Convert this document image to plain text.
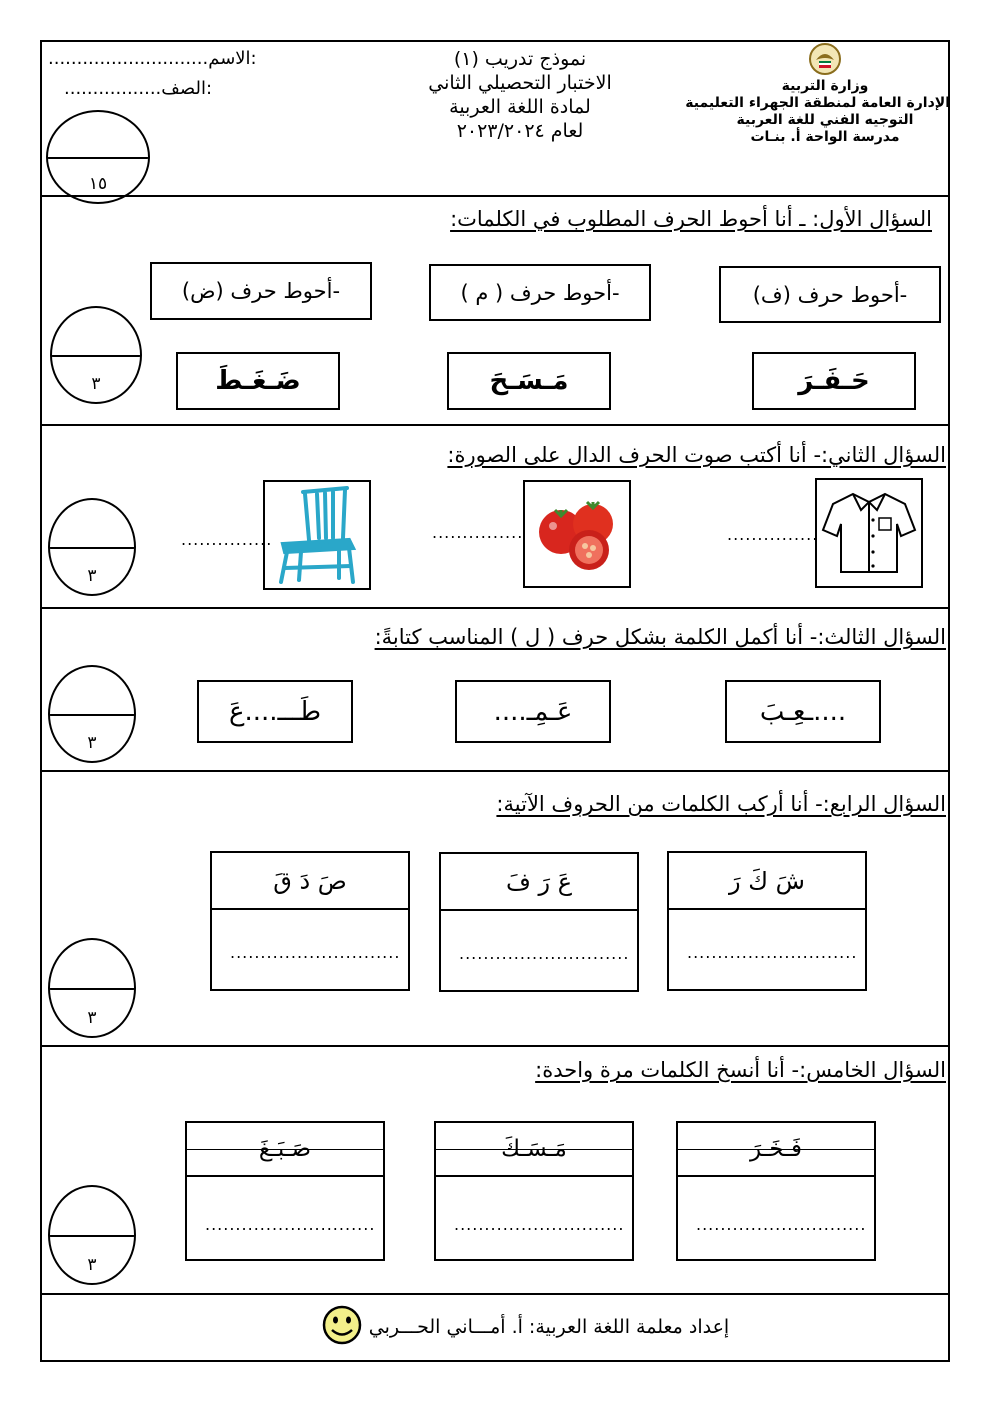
............................الاسم:
.................الصف:
١٥
نموذج تدريب (١)
الاختبار التحصيلي الثاني
لمادة اللغة العربية
لعام ٢٠٢٣/٢٠٢٤
وزارة التربية
الإدارة العامة لمنطقة الجهراء التعليمية
التوجيه الفني للغة العربية
مدرسة الواحة أ. بنـات
السؤال الأول: ـ أنا أحوط الحرف المطلوب في الكلمات:
٣
-أحوط حرف (ف)
-أحوط حرف ( م )
-أحوط حرف (ض)
حَـفَـرَ
مَـسَـحَ
ضَـغَـطَ
السؤال الثاني:- أنا أكتب صوت الحرف الدال على الصورة:
٣
...............
...............
...............
السؤال الثالث:- أنا أكمل الكلمة بشكل حرف ( ل ) المناسب كتابةً:
٣
....ـعِـبَ
عَـمِـ....
طَـــ....عَ
السؤال الرابع:- أنا أركب الكلمات من الحروف الآتية:
٣
شَ كَ رَ
............................
عَ رَ فَ
............................
صَ دَ قَ
............................
السؤال الخامس:- أنا أنسخ الكلمات مرة واحدة:
٣
فَـخَـرَ
............................
مَـسَـكَ
............................
صَـبَـغَ
............................
إعداد معلمة اللغة العربية: أ. أمـــاني الحـــربي
